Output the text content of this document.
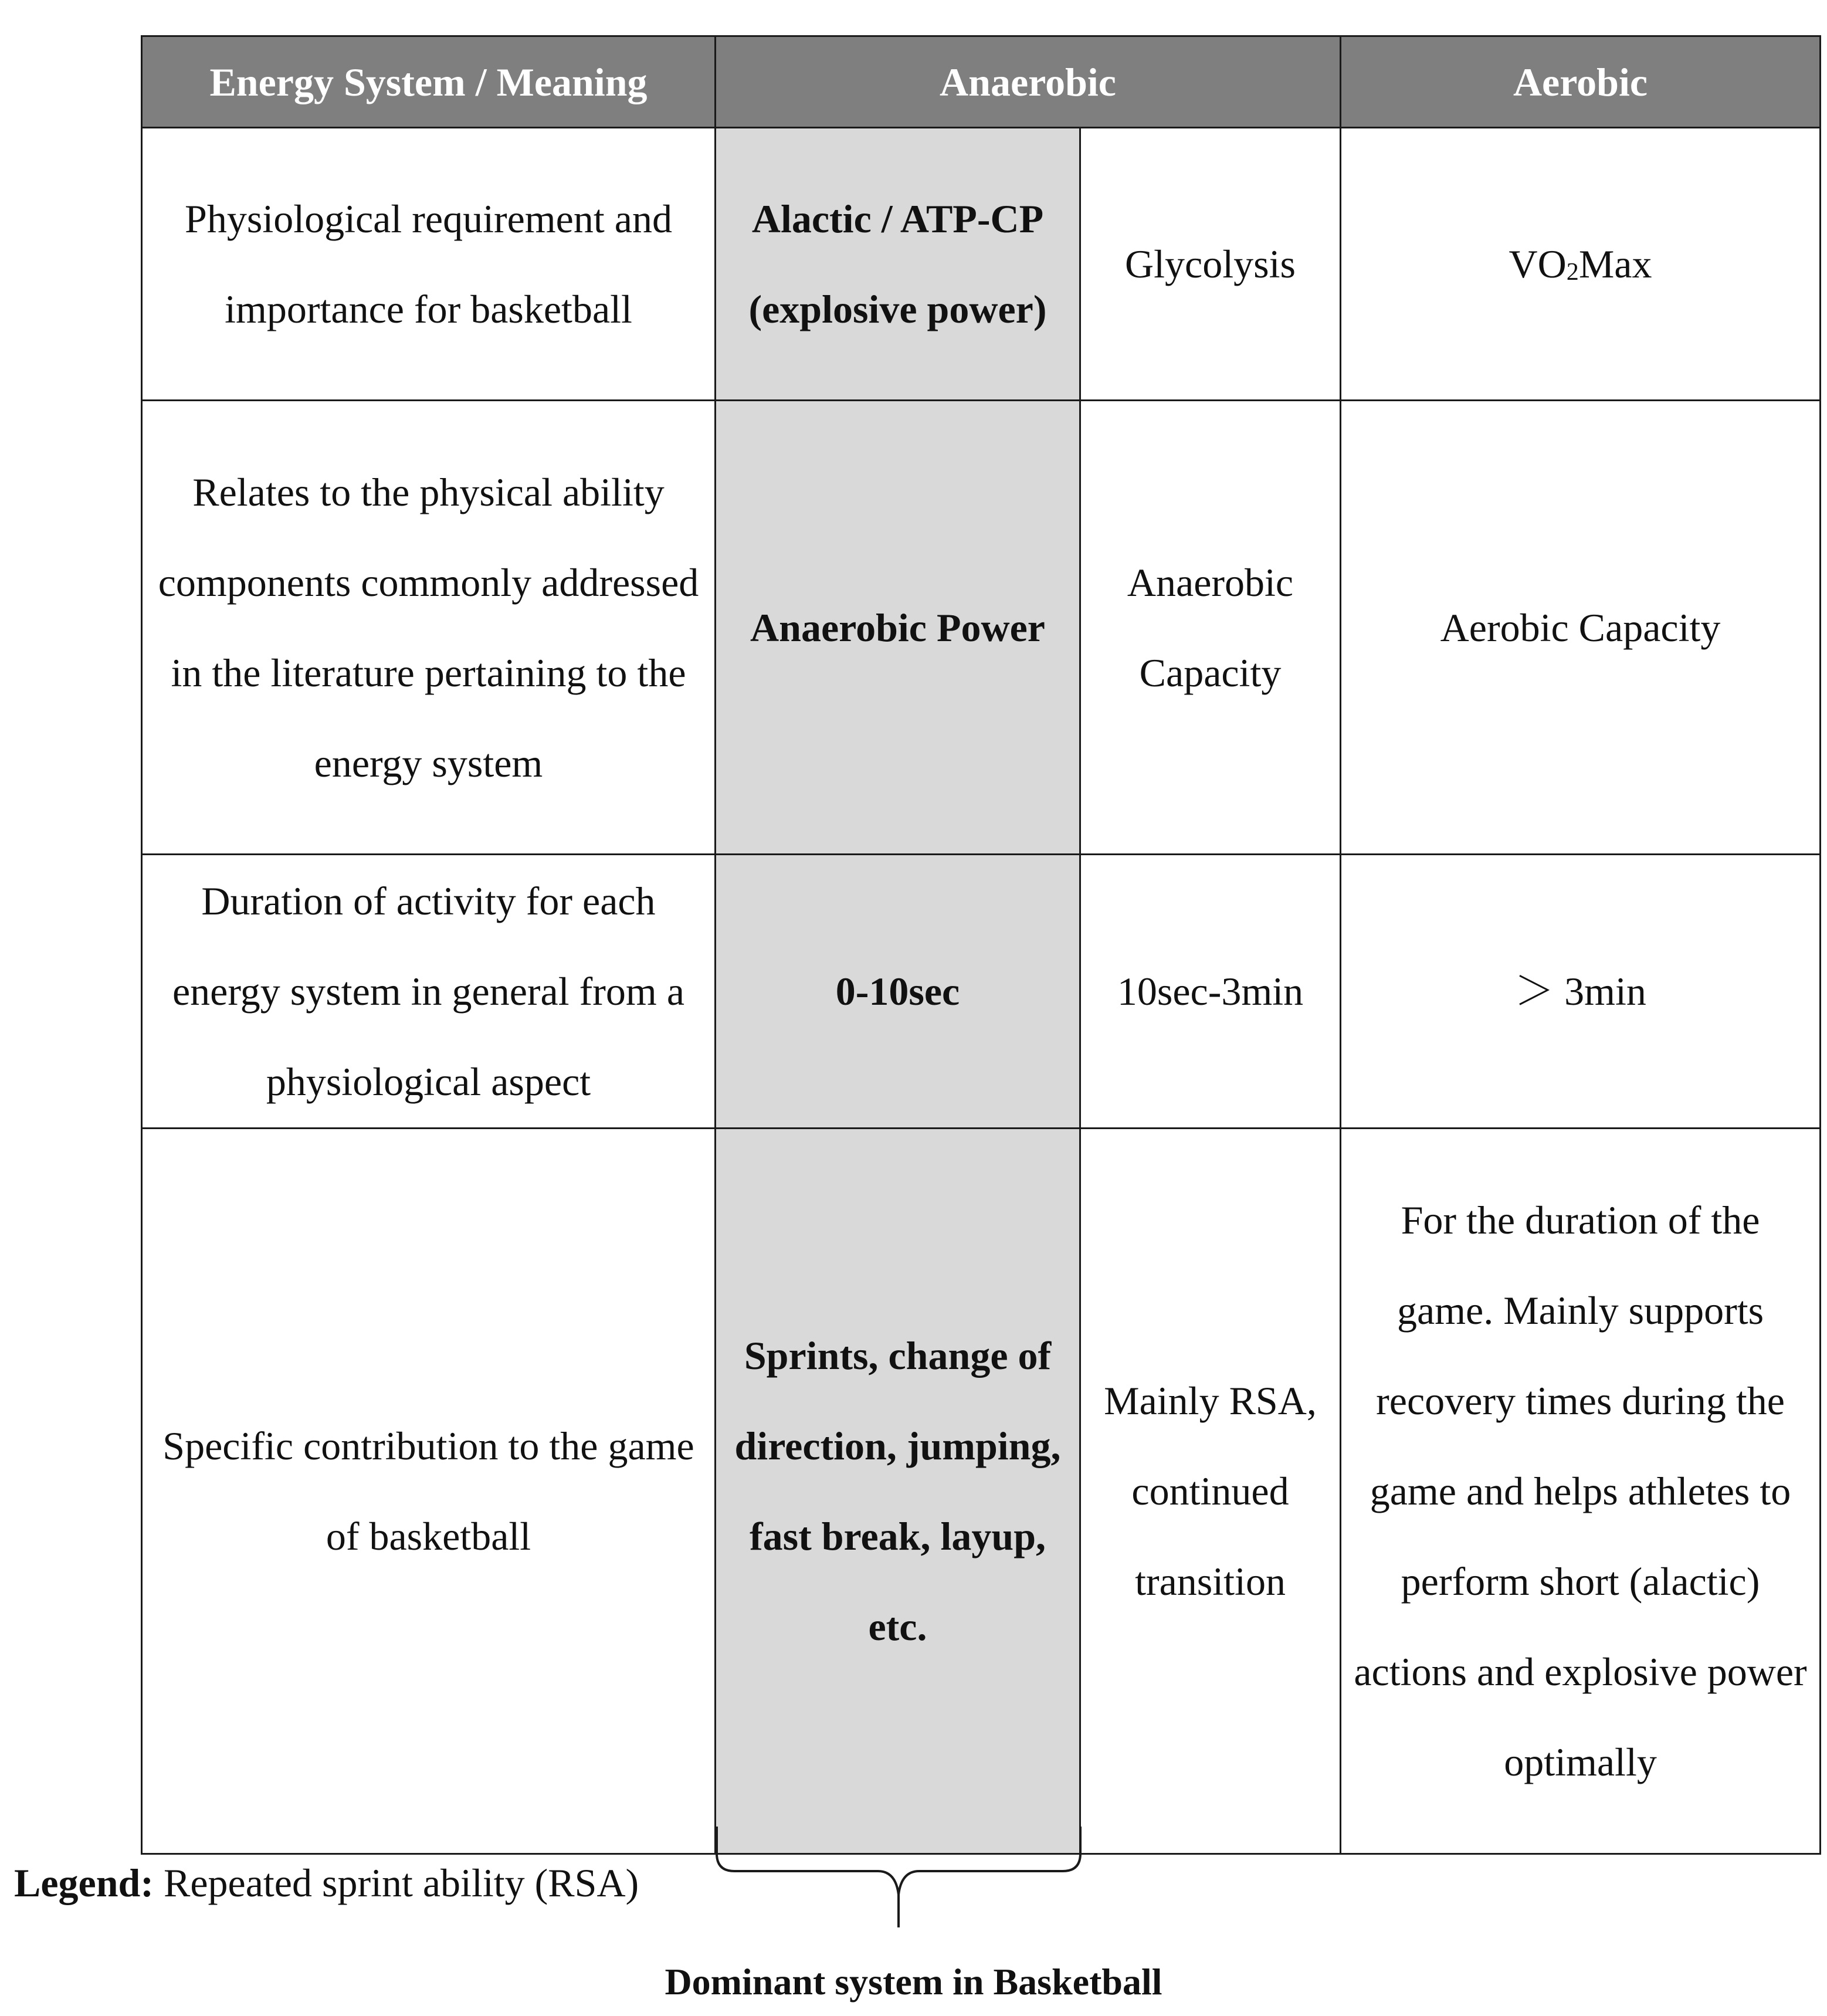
Energy System / Meaning	Anaerobic		Aerobic
Physiological requirement and importance for basketball	Alactic / ATP-CP (explosive power)	Glycolysis	$VO_2Max$
Relates to the physical ability components commonly addressed in the literature pertaining to the energy system	Anaerobic Power	Anaerobic Capacity	Aerobic Capacity
Duration of activity for each energy system in general from a physiological aspect	0-10sec	10sec-3min	＞ 3min
Specific contribution to the game of basketball	Sprints, change of direction, jumping, fast break, layup, etc.	Mainly RSA, continued transition	For the duration of the game. Mainly supports recovery times during the game and helps athletes to perform short (alactic) actions and explosive power optimally
Legend: Repeated sprint ability (RSA)
Dominant system in Basketball
